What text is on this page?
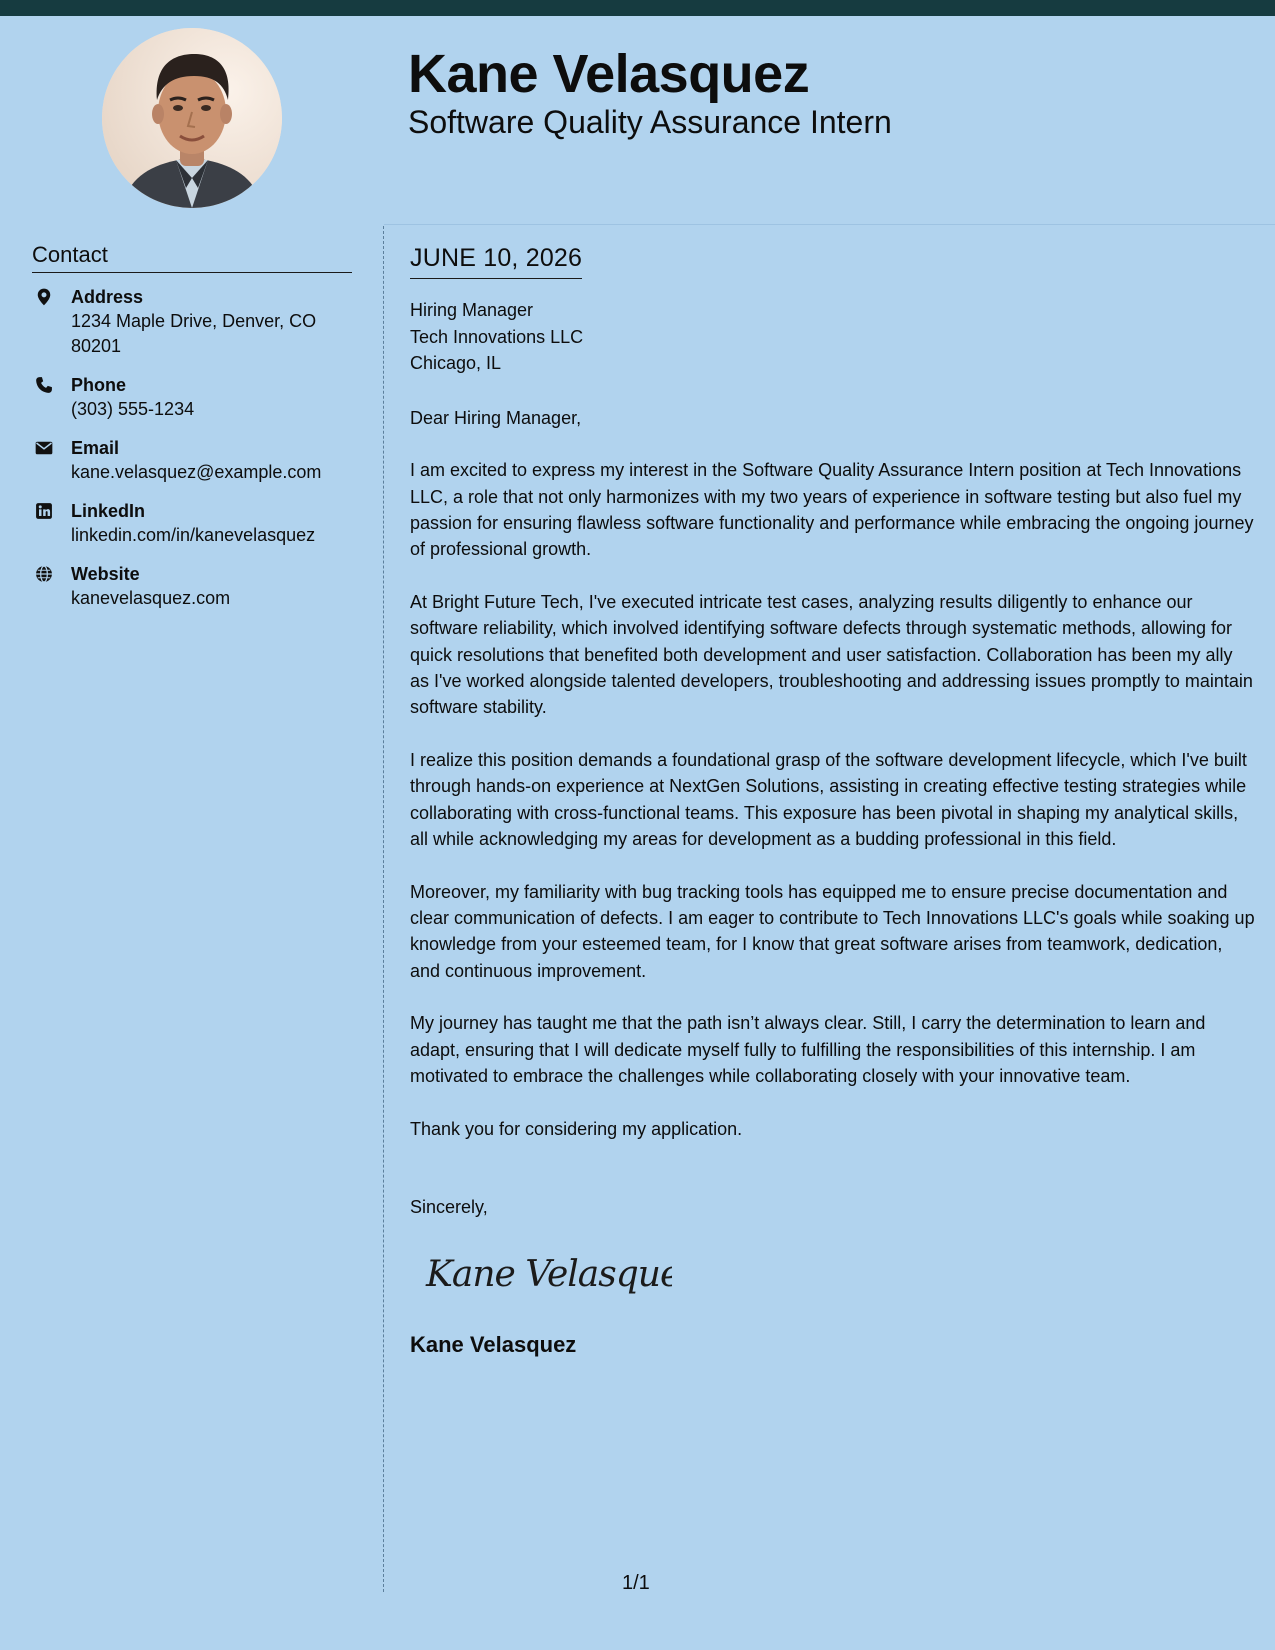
Kane Velasquez
Software Quality Assurance Intern
Contact
Address
1234 Maple Drive, Denver, CO 80201
Phone
(303) 555-1234
Email
kane.velasquez@example.com
LinkedIn
linkedin.com/in/kanevelasquez
Website
kanevelasquez.com
JUNE 10, 2026
Hiring Manager
Tech Innovations LLC
Chicago, IL

Dear Hiring Manager,

I am excited to express my interest in the Software Quality Assurance Intern position at Tech Innovations LLC, a role that not only harmonizes with my two years of experience in software testing but also fuel my passion for ensuring flawless software functionality and performance while embracing the ongoing journey of professional growth.

At Bright Future Tech, I've executed intricate test cases, analyzing results diligently to enhance our software reliability, which involved identifying software defects through systematic methods, allowing for quick resolutions that benefited both development and user satisfaction. Collaboration has been my ally as I've worked alongside talented developers, troubleshooting and addressing issues promptly to maintain software stability.

I realize this position demands a foundational grasp of the software development lifecycle, which I've built through hands-on experience at NextGen Solutions, assisting in creating effective testing strategies while collaborating with cross-functional teams. This exposure has been pivotal in shaping my analytical skills, all while acknowledging my areas for development as a budding professional in this field.

Moreover, my familiarity with bug tracking tools has equipped me to ensure precise documentation and clear communication of defects. I am eager to contribute to Tech Innovations LLC's goals while soaking up knowledge from your esteemed team, for I know that great software arises from teamwork, dedication, and continuous improvement.

My journey has taught me that the path isn’t always clear. Still, I carry the determination to learn and adapt, ensuring that I will dedicate myself fully to fulfilling the responsibilities of this internship. I am motivated to embrace the challenges while collaborating closely with your innovative team.

Thank you for considering my application.

Sincerely,

Kane Velasquez
Kane Velasquez
1/1
